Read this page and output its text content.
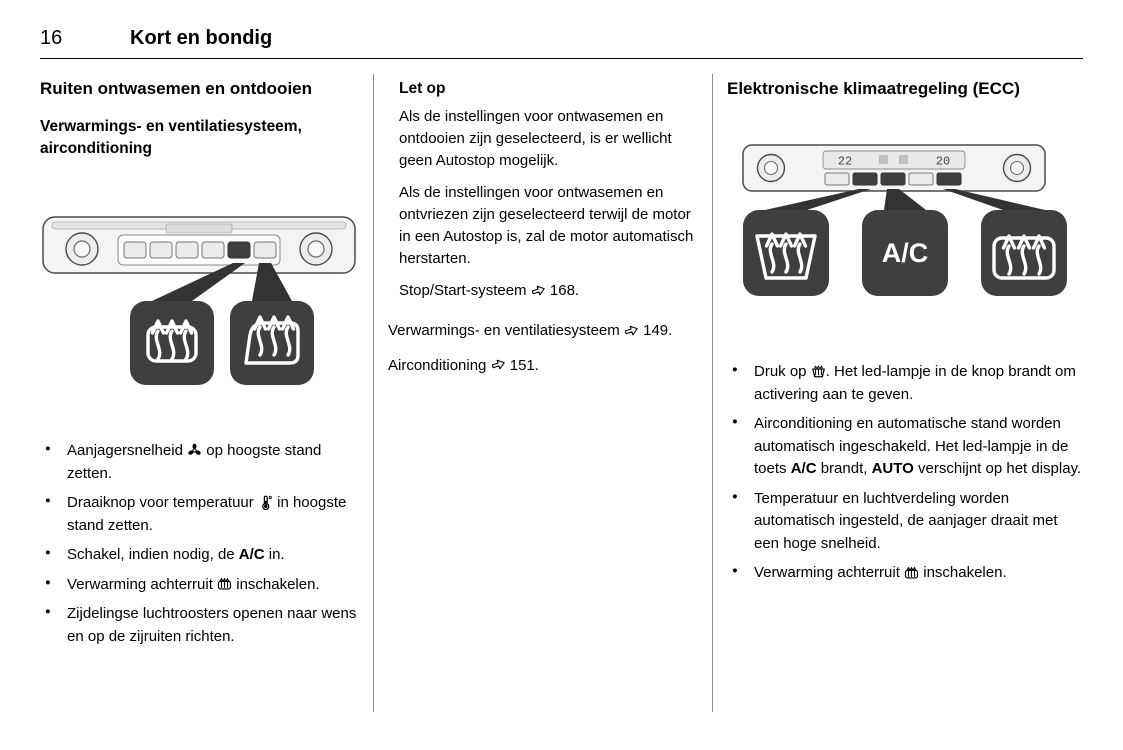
16	Kort en bondig
Ruiten ontwasemen en ontdooien
Verwarmings- en ventilatiesysteem, airconditioning
● Aanjagersnelheid  op hoogste stand zetten.
● Draaiknop voor temperatuur  in hoogste stand zetten.
● Schakel, indien nodig, de A/C in.
● Verwarming achterruit  inschakelen.
● Zijdelingse luchtroosters openen naar wens en op de zijruiten richten.
Let op

Als de instellingen voor ontwasemen en ontdooien zijn geselecteerd, is er wellicht geen Autostop mogelijk.

Als de instellingen voor ontwasemen en ontvriezen zijn geselecteerd terwijl de motor in een Autostop is, zal de motor automatisch herstarten.

Stop/Start-systeem  168.

Verwarmings- en ventilatiesysteem  149.

Airconditioning  151.

Elektronische klimaatregeling (ECC)
22	20
A/C
● Druk op . Het led-lampje in de knop brandt om activering aan te geven.
● Airconditioning en automatische stand worden automatisch ingeschakeld. Het led-lampje in de toets A/C brandt, AUTO verschijnt op het display.
● Temperatuur en luchtverdeling worden automatisch ingesteld, de aanjager draait met een hoge snelheid.
● Verwarming achterruit  inschakelen.
